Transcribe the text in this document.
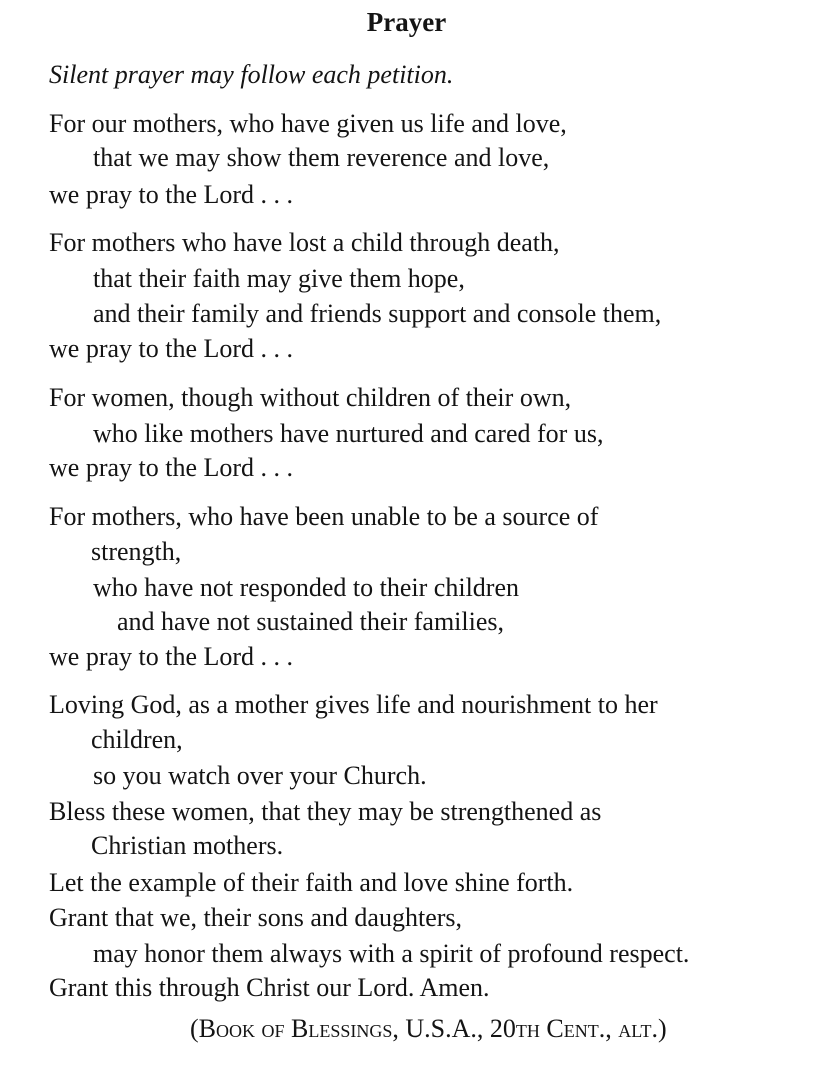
Prayer

Silent prayer may follow each petition.

For our mothers, who have given us life and love,

that we may show them reverence and love,

we pray to the Lord . . .

For mothers who have lost a child through death,

that their faith may give them hope,

and their family and friends support and console them,

we pray to the Lord . . .

For women, though without children of their own,

who like mothers have nurtured and cared for us,

we pray to the Lord . . .

For mothers, who have been unable to be a source of

strength,

who have not responded to their children

and have not sustained their families,

we pray to the Lord . . .

Loving God, as a mother gives life and nourishment to her

children,

so you watch over your Church.

Bless these women, that they may be strengthened as

Christian mothers.

Let the example of their faith and love shine forth.

Grant that we, their sons and daughters,

may honor them always with a spirit of profound respect.

Grant this through Christ our Lord. Amen.

(Book of Blessings, U.S.A., 20th Cent., alt.)
